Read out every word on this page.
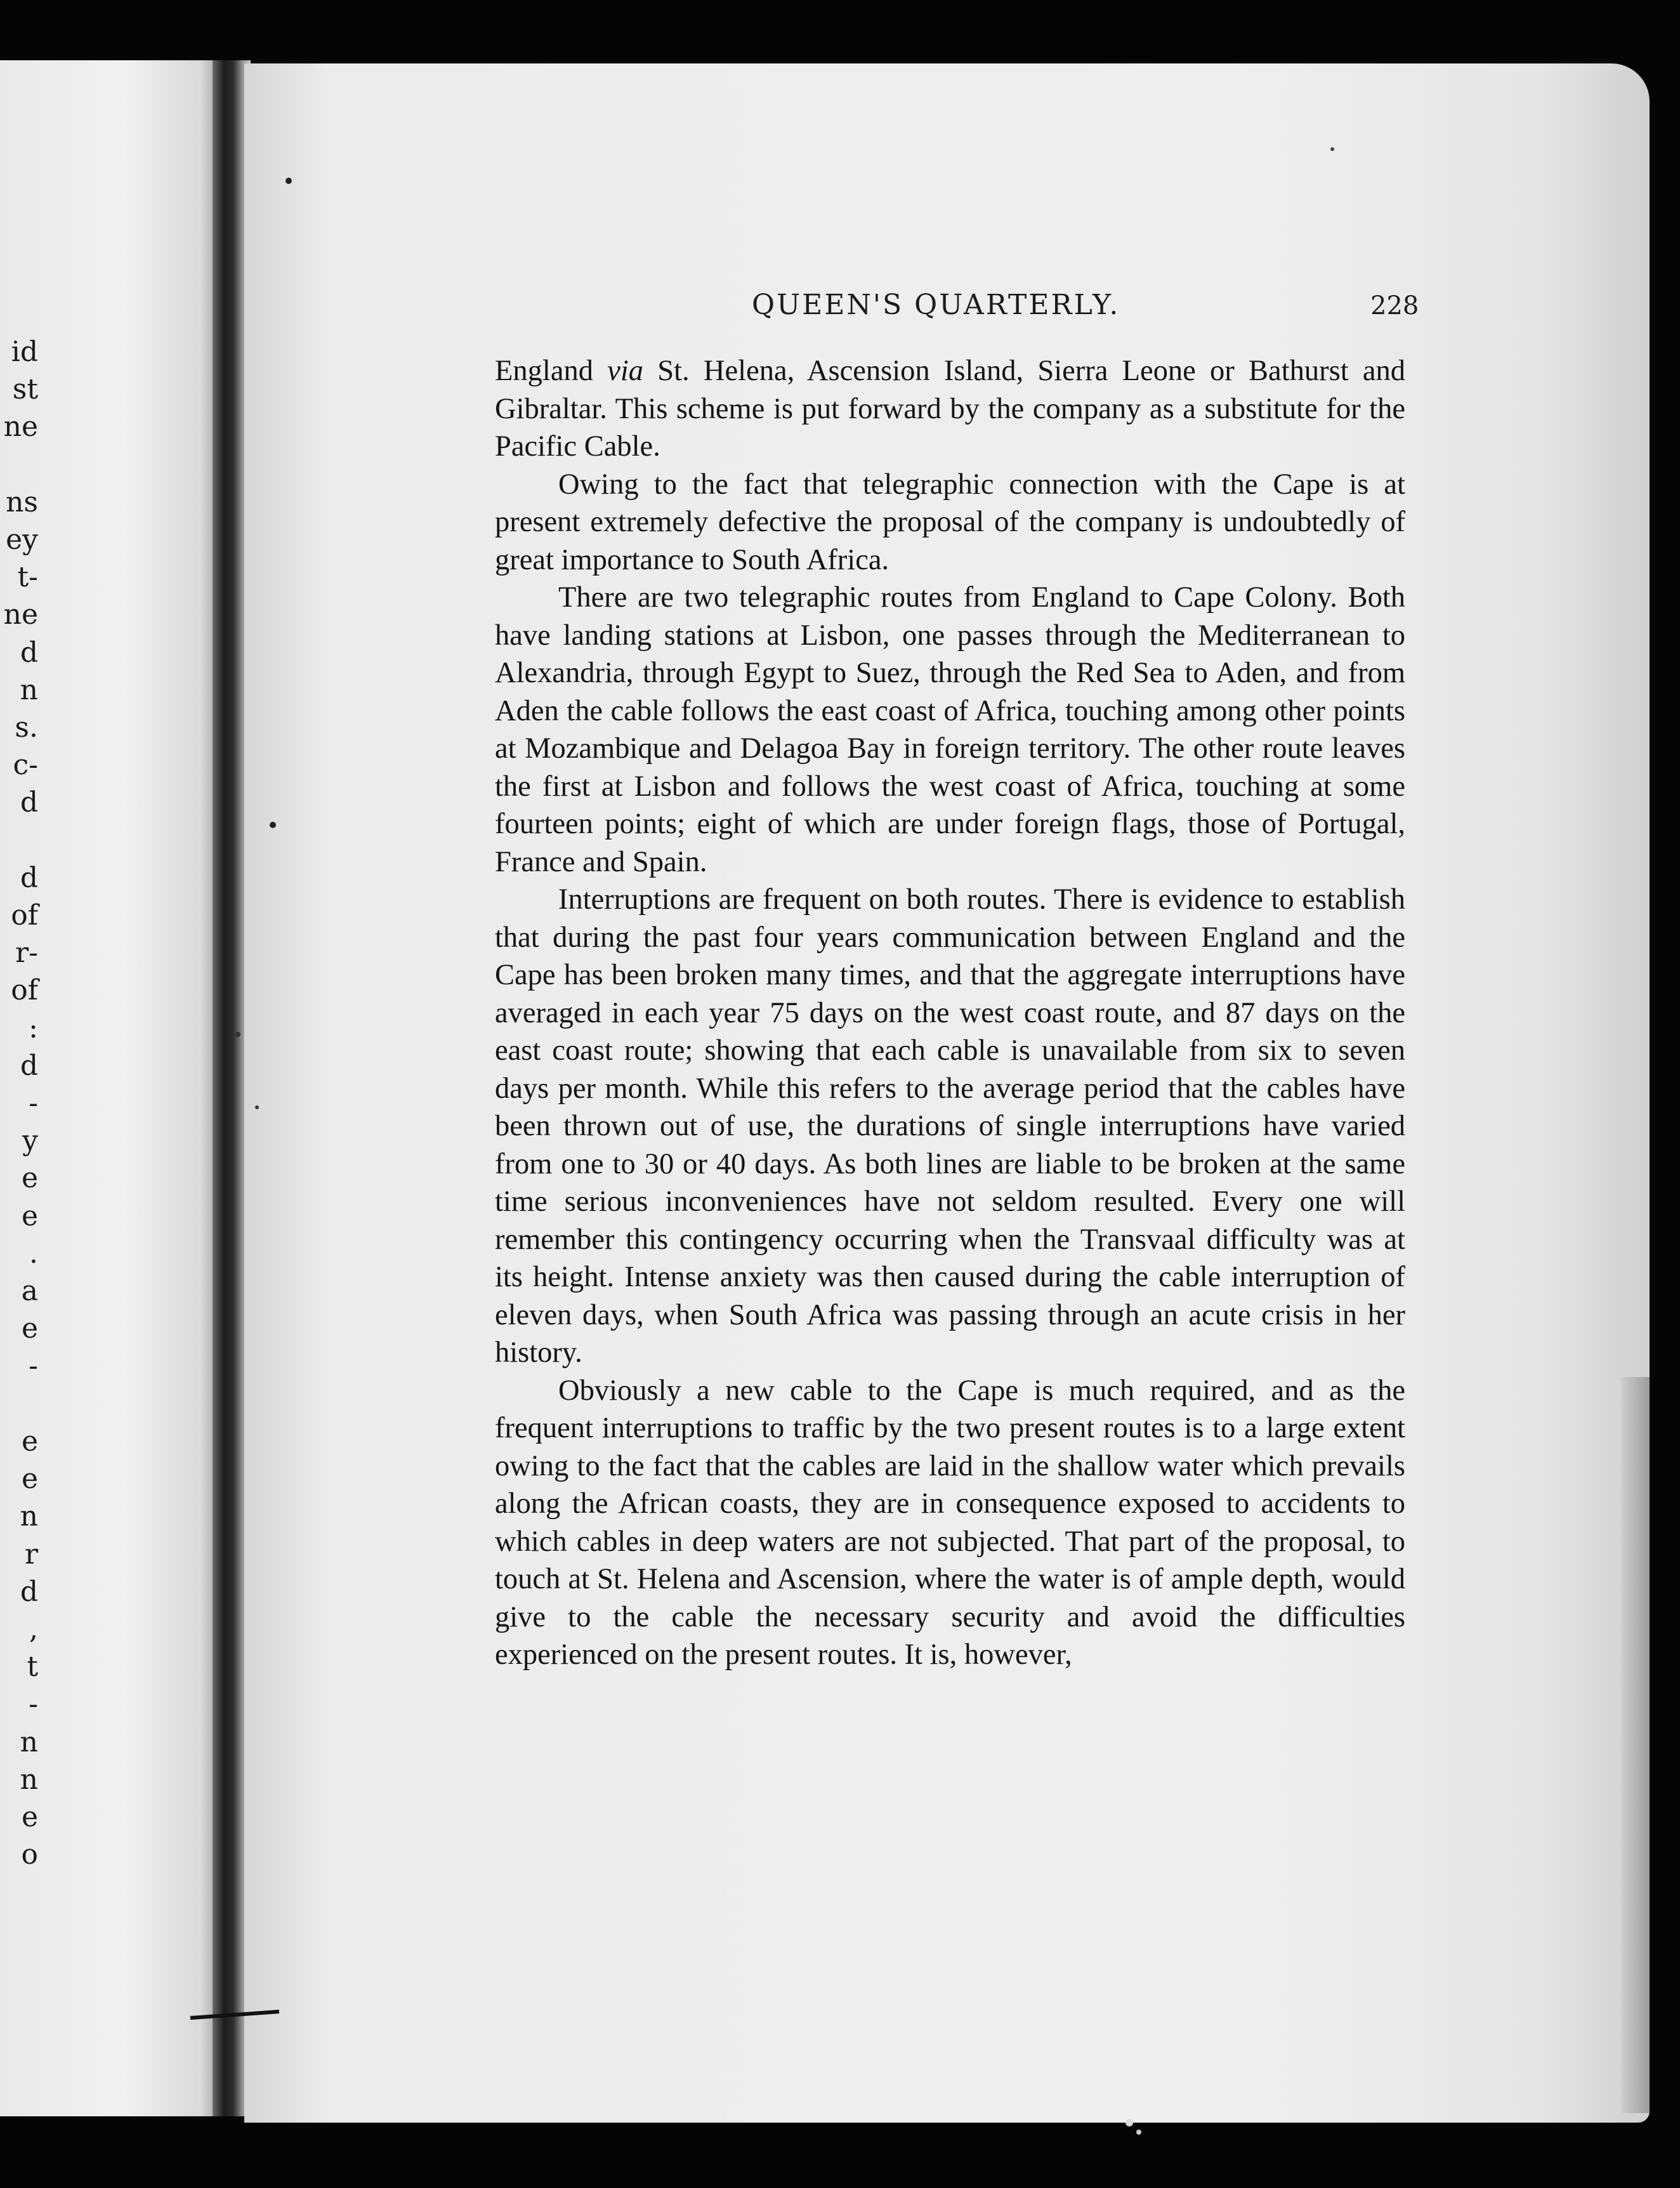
id
st
ne

ns
ey
t-
ne
d
n
s.
c-
d

d
of
r-
of
:
d
-
y
e
e
.
a
e
-

e
e
n
r
d
,
t
-
n
n
e
o
QUEEN'S QUARTERLY.	228

England via St. Helena, Ascension Island, Sierra Leone or Bathurst and Gibraltar. This scheme is put forward by the company as a substitute for the Pacific Cable.

Owing to the fact that telegraphic connection with the Cape is at present extremely defective the proposal of the company is undoubtedly of great importance to South Africa.

There are two telegraphic routes from England to Cape Colony. Both have landing stations at Lisbon, one passes through the Mediterranean to Alexandria, through Egypt to Suez, through the Red Sea to Aden, and from Aden the cable follows the east coast of Africa, touching among other points at Mozambique and Delagoa Bay in foreign territory. The other route leaves the first at Lisbon and follows the west coast of Africa, touching at some fourteen points; eight of which are under foreign flags, those of Portugal, France and Spain.

Interruptions are frequent on both routes. There is evidence to establish that during the past four years communication between England and the Cape has been broken many times, and that the aggregate interruptions have averaged in each year 75 days on the west coast route, and 87 days on the east coast route; showing that each cable is unavailable from six to seven days per month. While this refers to the average period that the cables have been thrown out of use, the durations of single interruptions have varied from one to 30 or 40 days. As both lines are liable to be broken at the same time serious inconveniences have not seldom resulted. Every one will remember this contingency occurring when the Transvaal difficulty was at its height. Intense anxiety was then caused during the cable interruption of eleven days, when South Africa was passing through an acute crisis in her history.

Obviously a new cable to the Cape is much required, and as the frequent interruptions to traffic by the two present routes is to a large extent owing to the fact that the cables are laid in the shallow water which prevails along the African coasts, they are in consequence exposed to accidents to which cables in deep waters are not subjected. That part of the proposal, to touch at St. Helena and Ascension, where the water is of ample depth, would give to the cable the necessary security and avoid the difficulties experienced on the present routes. It is, however,
